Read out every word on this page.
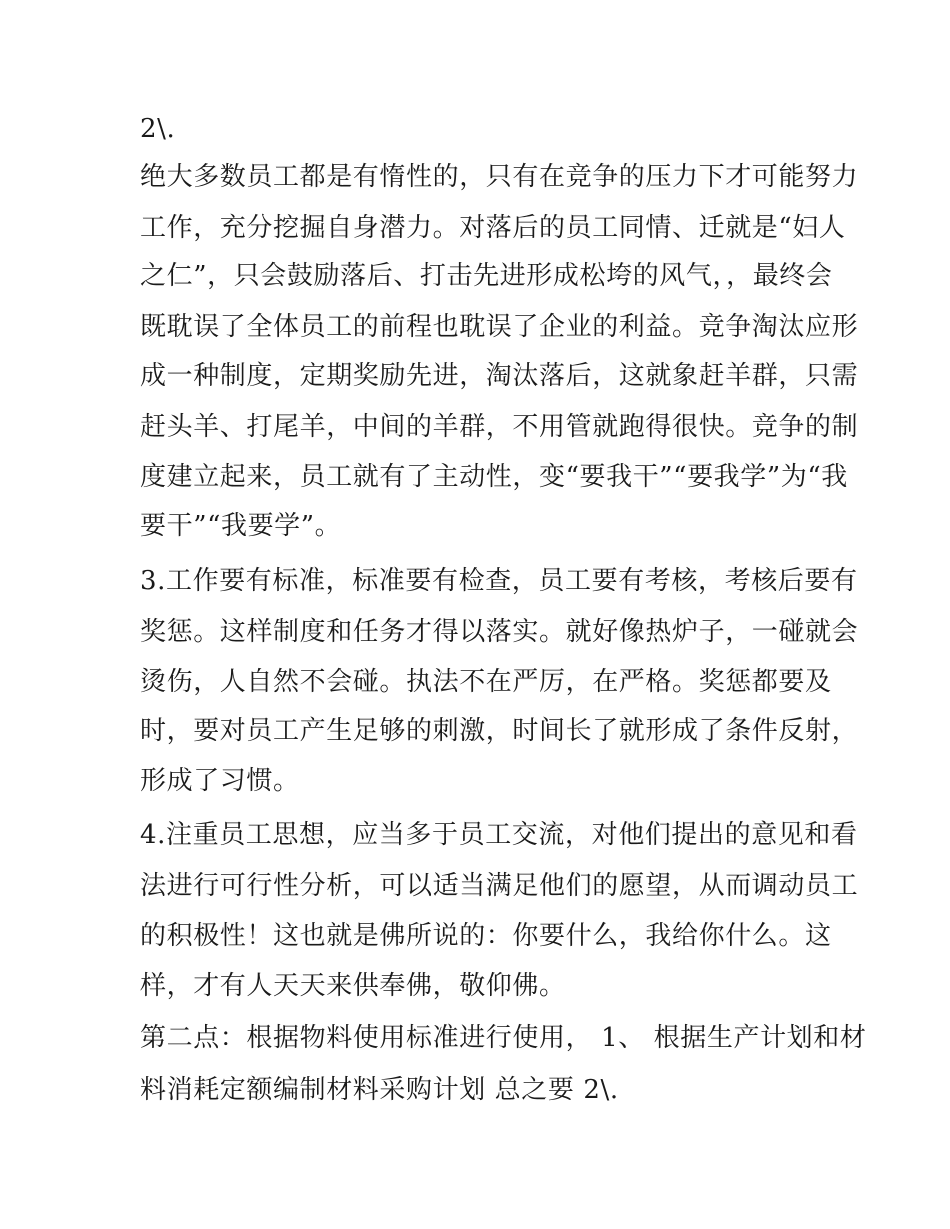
2\.
绝大多数员工都是有惰性的，只有在竞争的压力下才可能努力
工作，充分挖掘自身潜力。对落后的员工同情、迁就是“妇人
之仁”，只会鼓励落后、打击先进形成松垮的风气，，最终会
既耽误了全体员工的前程也耽误了企业的利益。竞争淘汰应形
成一种制度，定期奖励先进，淘汰落后，这就象赶羊群，只需
赶头羊、打尾羊，中间的羊群，不用管就跑得很快。竞争的制
度建立起来，员工就有了主动性，变“要我干”“要我学”为“我
要干”“我要学”。
3.工作要有标准，标准要有检查，员工要有考核，考核后要有
奖惩。这样制度和任务才得以落实。就好像热炉子，一碰就会
烫伤，人自然不会碰。执法不在严厉，在严格。奖惩都要及
时，要对员工产生足够的刺激，时间长了就形成了条件反射，
形成了习惯。
4.注重员工思想，应当多于员工交流，对他们提出的意见和看
法进行可行性分析，可以适当满足他们的愿望，从而调动员工
的积极性！这也就是佛所说的：你要什么，我给你什么。这
样，才有人天天来供奉佛，敬仰佛。
第二点：根据物料使用标准进行使用， 1、 根据生产计划和材
料消耗定额编制材料采购计划 总之要 2\.
